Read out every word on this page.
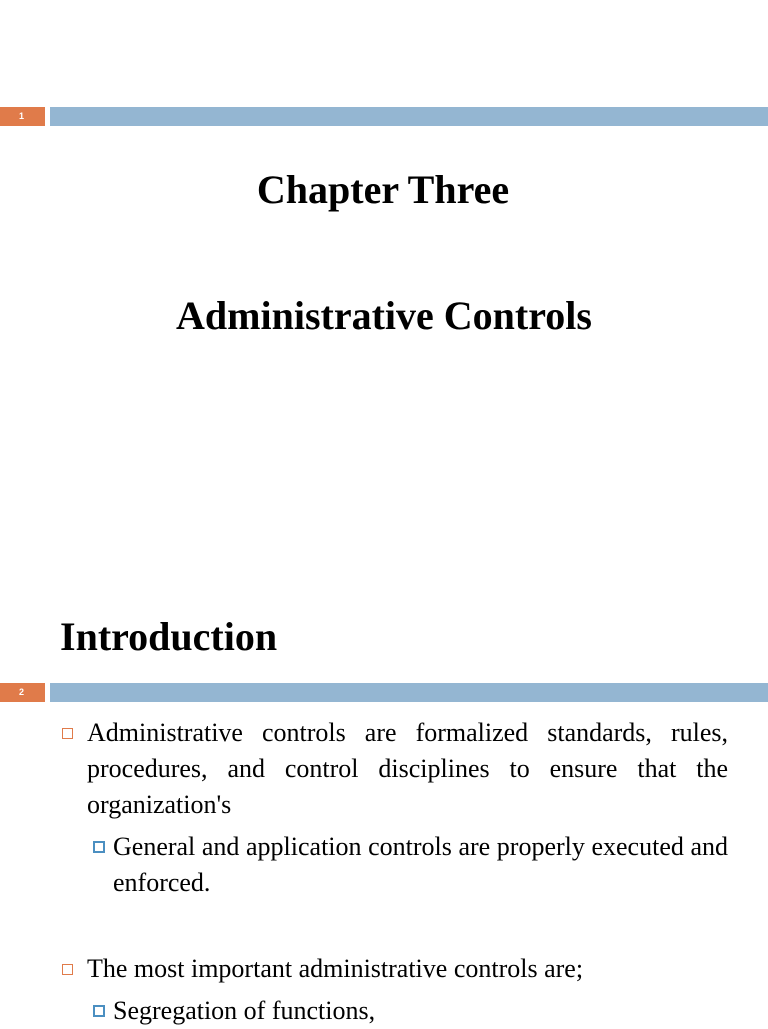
1
Chapter Three
Administrative Controls
Introduction
2
Administrative controls are formalized standards, rules, procedures, and control disciplines to ensure that the organization's
General and application controls are properly executed and enforced.
The most important administrative controls are;
Segregation of functions,
